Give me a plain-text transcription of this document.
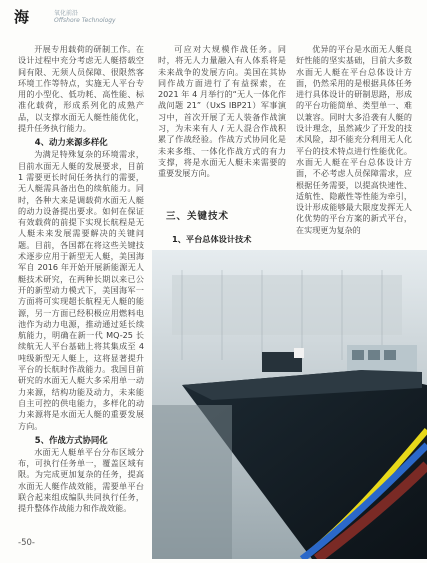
海	氧化前沿
Offshore Technology

开展专用载荷的研制工作。在设计过程中充分考虑无人艇搭载空间有限、无须人员保障、很限然客环境工作等特点，实施无人平台专用的小型化、低功耗、高性能、标准化载荷，形成系列化的成熟产品，以支撑水面无人艇性能优化，提升任务执行能力。

4、动力来源多样化

为满足特殊复杂的环境需求，目前水面无人艇的发展要求，目前 1 需要更长时间任务执行的需要，无人艇需具备出色的续航能力。同时，各种大来是调载荷水面无人艇的动力设备提出要求。如何在保证有效载荷的前提下实现长航程是无人艇未来发展需要解决的关键问题。目前，各国都在将这些关键技术逐步应用于新型无人艇，美国海军自 2016 年开始开展新能源无人艇技术研究，在两种长期以来已公开的新型动力模式下，美国海军一方面将可实现超长航程无人艇的能源，另一方面已经积极应用燃料电池作为动力电源，推动通过延长续航能力，明确在新一代 MQ-25 长续航无人平台基础上将其集成至 4 吨级新型无人艇上，这将显著提升平台的长航时作战能力。我国目前研究的水面无人艇大多采用单一动力来源，结构功能及动力，未来能自主可控的供电能力，多样化的动力来源将是水面无人艇的重要发展方向。

5、作战方式协同化

水面无人艇单平台分布区域分布，可执行任务单一，覆盖区域有限。为完成更加复杂的任务，提高水面无人艇作战效能，需要单平台联合起来组成编队共同执行任务，提升整体作战能力和作战效能。

可应对大规模作战任务。同时，将无人力量融入有人体系将是未来战争的发展方向。美国在其协同作战方面进行了有益探索，在 2021 年 4 月举行的“无人一体化作战问题 21”（UxS IBP21）军事演习中，首次开展了无人装备作战演习，为未来有人 / 无人混合作战积累了作战经验。作战方式协同化是未来多维、一体化作战方式的有力支撑，将是水面无人艇未来需要的重要发展方向。

优异的平台是水面无人艇良好性能的坚实基础，目前大多数水面无人艇在平台总体设计方面，仍然采用的是根据具体任务进行具体设计的研制思路，形成的平台功能简单、类型单一、难以兼容。同时大多沿袭有人艇的设计理念，虽然减少了开发的技术风险，却不能充分利用无人化平台的技术特点进行性能优化。水面无人艇在平台总体设计方面，不必考虑人员保障需求，应根据任务需要，以提高快速性、适航性、隐蔽性等性能为牵引，设计形成能够最大限度发挥无人化优势的平台方案的新式平台，在实现更为复杂的

三、关键技术
1、平台总体设计技术
-50-
